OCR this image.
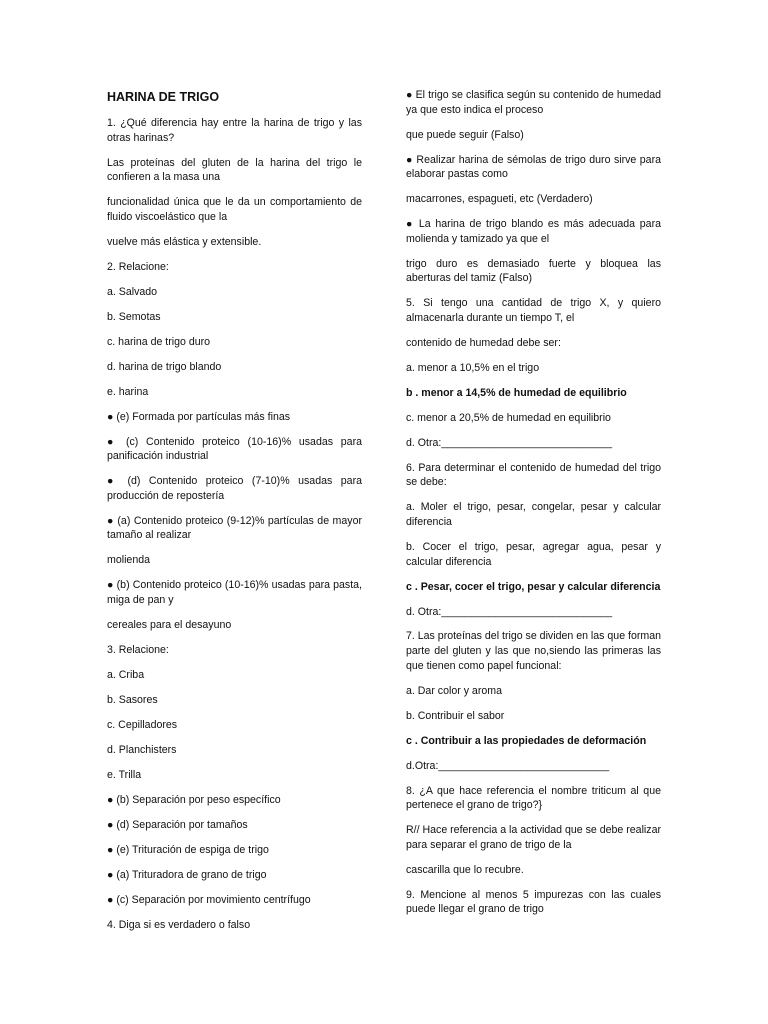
HARINA DE TRIGO
1. ¿Qué diferencia hay entre la harina de trigo y las otras harinas?
Las proteínas del gluten de la harina del trigo le confieren a la masa una
funcionalidad única que le da un comportamiento de fluido viscoelástico que la
vuelve más elástica y extensible.
2. Relacione:
a. Salvado
b. Semotas
c. harina de trigo duro
d. harina de trigo blando
e. harina
● (e) Formada por partículas más finas
● (c) Contenido proteico (10-16)% usadas para panificación industrial
● (d) Contenido proteico (7-10)% usadas para producción de repostería
● (a) Contenido proteico (9-12)% partículas de mayor tamaño al realizar
molienda
● (b) Contenido proteico (10-16)% usadas para pasta, miga de pan y
cereales para el desayuno
3. Relacione:
a. Criba
b. Sasores
c. Cepilladores
d. Planchisters
e. Trilla
● (b) Separación por peso específico
● (d) Separación por tamaños
● (e) Trituración de espiga de trigo
● (a) Trituradora de grano de trigo
● (c) Separación por movimiento centrífugo
4. Diga si es verdadero o falso
● El trigo se clasifica según su contenido de humedad ya que esto indica el proceso
que puede seguir (Falso)
● Realizar harina de sémolas de trigo duro sirve para elaborar pastas como
macarrones, espagueti, etc (Verdadero)
● La harina de trigo blando es más adecuada para molienda y tamizado ya que el
trigo duro es demasiado fuerte y bloquea las aberturas del tamiz (Falso)
5. Si tengo una cantidad de trigo X, y quiero almacenarla durante un tiempo T, el
contenido de humedad debe ser:
a. menor a 10,5% en el trigo
b . menor a 14,5% de humedad de equilibrio
c. menor a 20,5% de humedad en equilibrio
d. Otra:_____________________________
6. Para determinar el contenido de humedad del trigo se debe:
a. Moler el trigo, pesar, congelar, pesar y calcular diferencia
b. Cocer el trigo, pesar, agregar agua, pesar y calcular diferencia
c . Pesar, cocer el trigo, pesar y calcular diferencia
d. Otra:_____________________________
7. Las proteínas del trigo se dividen en las que forman parte del gluten y las que no,siendo las primeras las que tienen como papel funcional:
a. Dar color y aroma
b. Contribuir el sabor
c . Contribuir a las propiedades de deformación
d.Otra:_____________________________
8. ¿A que hace referencia el nombre triticum al que pertenece el grano de trigo?}
R// Hace referencia a la actividad que se debe realizar para separar el grano de trigo de la
cascarilla que lo recubre.
9. Mencione al menos 5 impurezas con las cuales puede llegar el grano de trigo
